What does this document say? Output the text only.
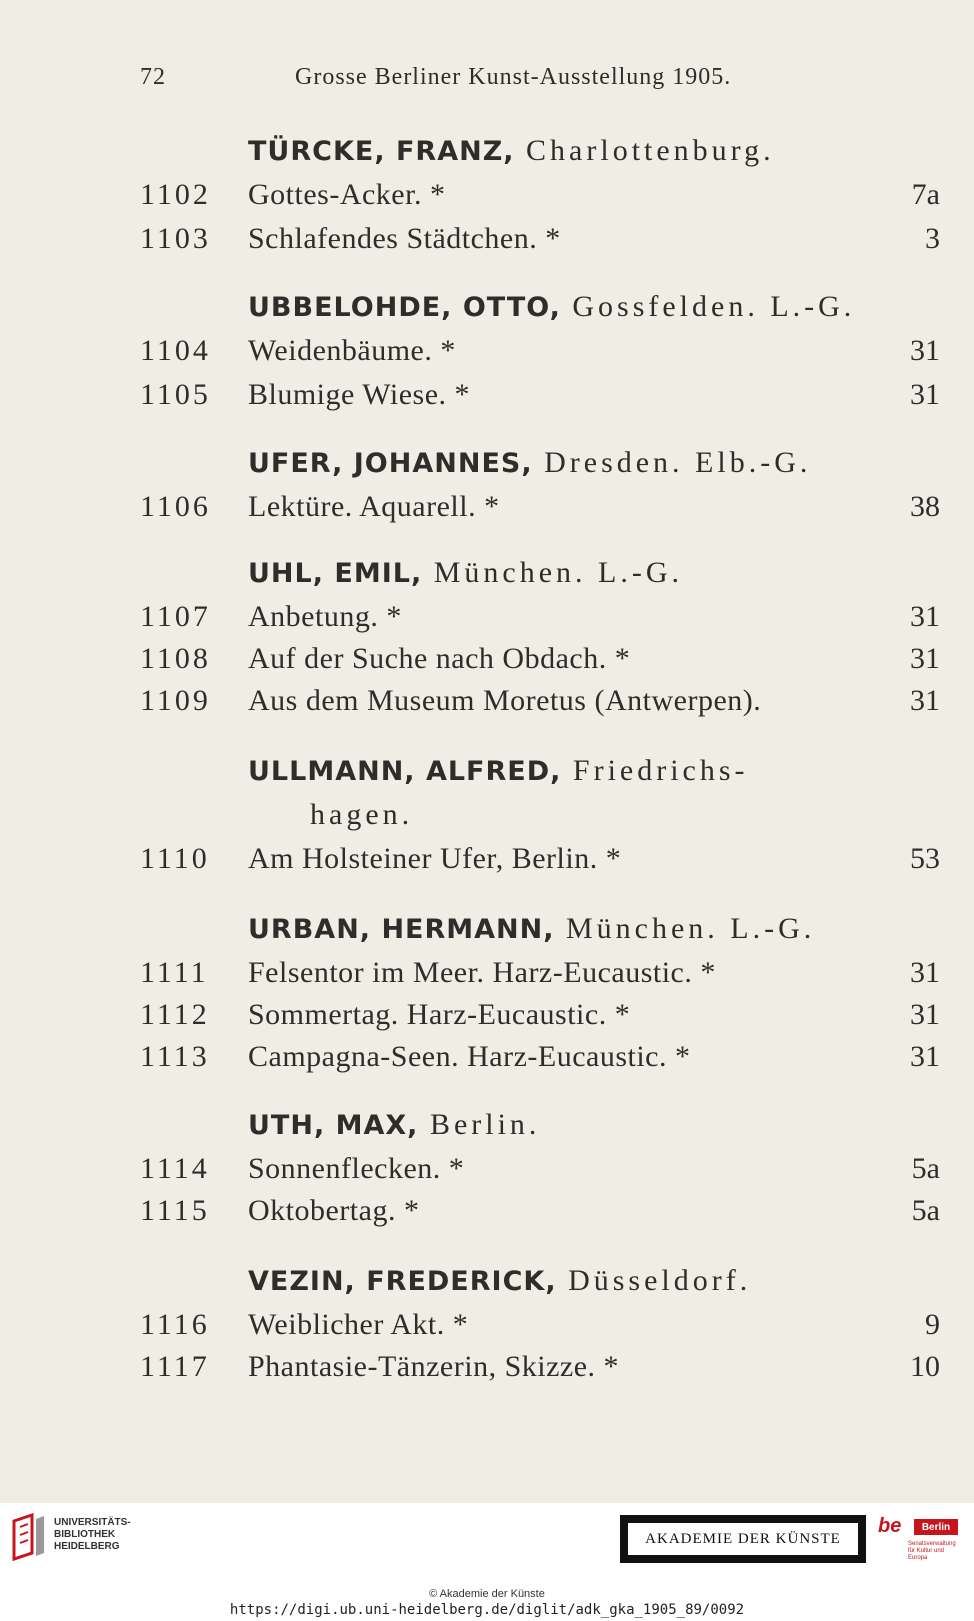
72	Grosse Berliner Kunst-Ausstellung 1905.
TÜRCKE, FRANZ, Charlottenburg.
1102 Gottes-Acker. *	7a
1103 Schlafendes Städtchen. *	3
UBBELOHDE, OTTO, Gossfelden. L.-G.
1104 Weidenbäume. *	31
1105 Blumige Wiese. *	31
UFER, JOHANNES, Dresden. Elb.-G.
1106 Lektüre. Aquarell. *	38
UHL, EMIL, München. L.-G.
1107 Anbetung. *	31
1108 Auf der Suche nach Obdach. *	31
1109 Aus dem Museum Moretus (Antwerpen).	31
ULLMANN, ALFRED, Friedrichs-
hagen.
1110 Am Holsteiner Ufer, Berlin. *	53
URBAN, HERMANN, München. L.-G.
1111 Felsentor im Meer. Harz-Eucaustic. *	31
1112 Sommertag. Harz-Eucaustic. *	31
1113 Campagna-Seen. Harz-Eucaustic. *	31
UTH, MAX, Berlin.
1114 Sonnenflecken. *	5a
1115 Oktobertag. *	5a
VEZIN, FREDERICK, Düsseldorf.
1116 Weiblicher Akt. *	9
1117 Phantasie-Tänzerin, Skizze. *	10
UNIVERSITÄTS-
BIBLIOTHEK
HEIDELBERG	AKADEMIE DER KÜNSTE
be	Berlin
Senatsverwaltung
für Kultur und Europa
© Akademie der Künste
https://digi.ub.uni-heidelberg.de/diglit/adk_gka_1905_89/0092
